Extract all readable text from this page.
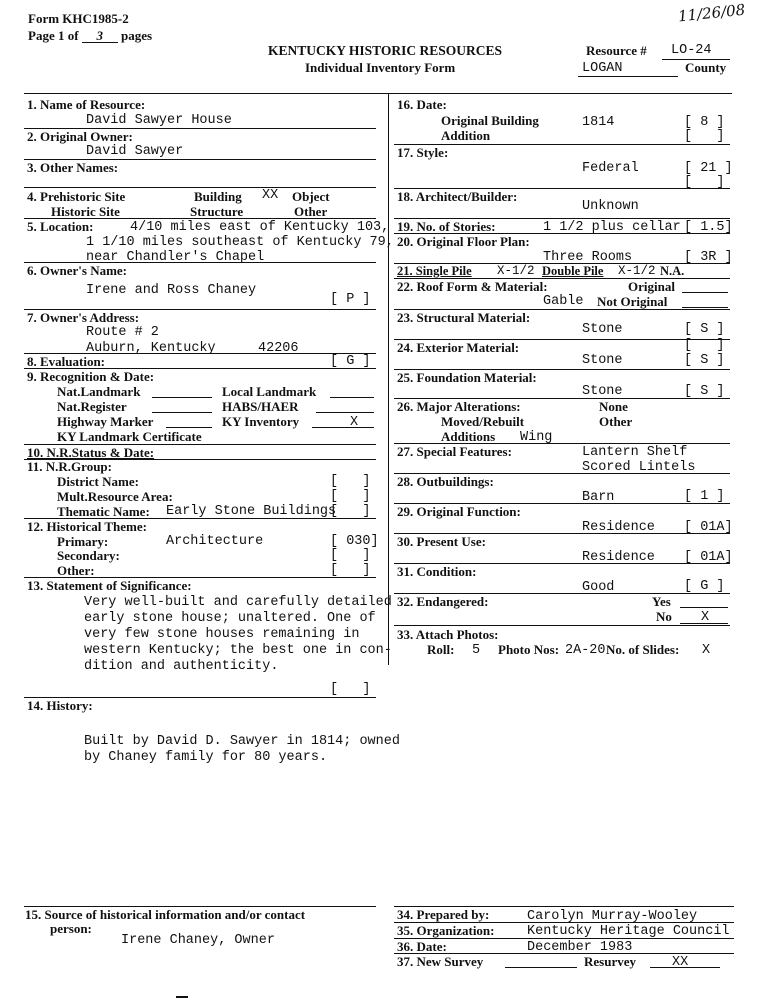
Form KHC1985-2
Page 1 of 3 pages
11/26/08
KENTUCKY HISTORIC RESOURCES
Individual Inventory Form
Resource # LO-24
LOGAN	County
1. Name of Resource:
David Sawyer House
2. Original Owner:
David Sawyer
3. Other Names:
4. Prehistoric Site	Building XX Object
Historic Site	Structure	Other
5. Location:	4/10 miles east of Kentucky 103,
1 1/10 miles southeast of Kentucky 79,
near Chandler's Chapel
6. Owner's Name:
Irene and Ross Chaney
[ P ]
7. Owner's Address:
Route # 2
Auburn, Kentucky	42206
8. Evaluation:	[ G ]
9. Recognition & Date:
Nat.Landmark	Local Landmark
Nat.Register	HABS/HAER
Highway Marker	KY Inventory	X
KY Landmark Certificate
10. N.R.Status & Date:
11. N.R.Group:
District Name:	[   ]
Mult.Resource Area:	[   ]
Thematic Name: Early Stone Buildings
[   ]
12. Historical Theme:
Primary:	Architecture	[ 030]
Secondary:	[   ]
Other:	[   ]
13. Statement of Significance:
Very well-built and carefully detailed
early stone house; unaltered. One of
very few stone houses remaining in
western Kentucky; the best one in con-
dition and authenticity.
[   ]
14. History:
Built by David D. Sawyer in 1814; owned
by Chaney family for 80 years.
16. Date:
Original Building	1814	[ 8 ]
Addition	[   ]
17. Style:
Federal	[ 21 ]
[   ]
18. Architect/Builder:
Unknown
19. No. of Stories:	1 1/2 plus cellar [ 1.5]
20. Original Floor Plan:
Three Rooms	[ 3R ]
21. Single Pile X-1/2 Double Pile X-1/2 N.A.
22. Roof Form & Material:	Original
Gable Not Original
23. Structural Material:
Stone	[ S ]
24. Exterior Material:	[   ]
Stone	[ S ]
25. Foundation Material:
Stone	[ S ]
26. Major Alterations:	None
Moved/Rebuilt	Other
Additions Wing
27. Special Features:	Lantern Shelf
Scored Lintels
28. Outbuildings:
Barn	[ 1 ]
29. Original Function:
Residence [ 01A]
30. Present Use:
Residence [ 01A]
31. Condition:
Good	[ G ]
32. Endangered:	Yes
No X
33. Attach Photos:
Roll: 5 Photo Nos: 2A-20 No. of Slides: X
15. Source of historical information and/or contact
person:
Irene Chaney, Owner
34. Prepared by:	Carolyn Murray-Wooley
35. Organization: Kentucky Heritage Council
36. Date:	December 1983
37. New Survey	Resurvey	XX
